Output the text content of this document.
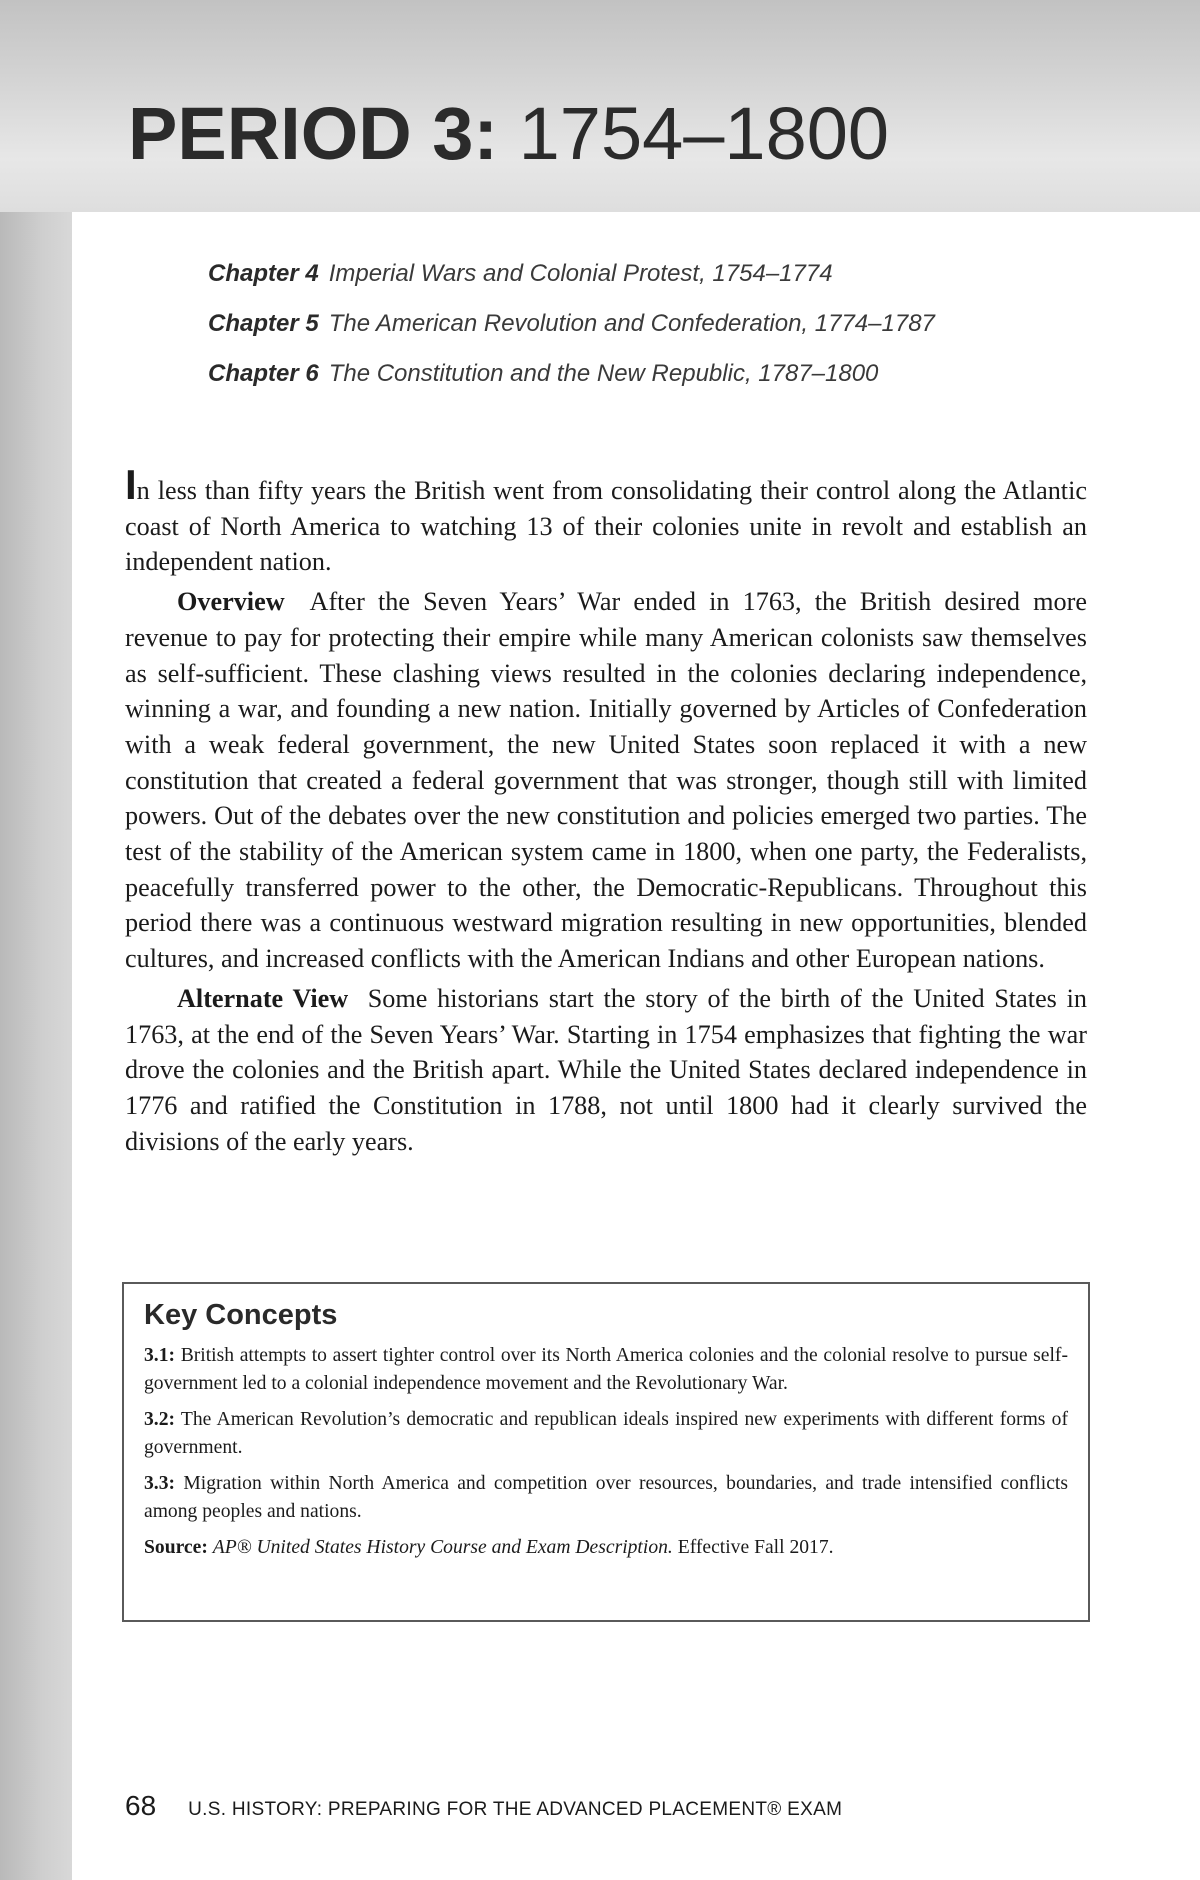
PERIOD 3: 1754–1800
Chapter 4 Imperial Wars and Colonial Protest, 1754–1774
Chapter 5 The American Revolution and Confederation, 1774–1787
Chapter 6 The Constitution and the New Republic, 1787–1800

In less than fifty years the British went from consolidating their control along the Atlantic coast of North America to watching 13 of their colonies unite in revolt and establish an independent nation.

Overview After the Seven Years’ War ended in 1763, the British desired more revenue to pay for protecting their empire while many American colonists saw themselves as self-sufficient. These clashing views resulted in the colonies declaring independence, winning a war, and founding a new nation. Initially governed by Articles of Confederation with a weak federal government, the new United States soon replaced it with a new constitution that created a federal government that was stronger, though still with limited powers. Out of the debates over the new constitution and policies emerged two parties. The test of the stability of the American system came in 1800, when one party, the Federalists, peacefully transferred power to the other, the Democratic-Republicans. Throughout this period there was a continuous westward migration resulting in new opportunities, blended cultures, and increased conflicts with the American Indians and other European nations.

Alternate View Some historians start the story of the birth of the United States in 1763, at the end of the Seven Years’ War. Starting in 1754 emphasizes that fighting the war drove the colonies and the British apart. While the United States declared independence in 1776 and ratified the Constitution in 1788, not until 1800 had it clearly survived the divisions of the early years.

Key Concepts

3.1: British attempts to assert tighter control over its North America colonies and the colonial resolve to pursue self-government led to a colonial independence movement and the Revolutionary War.

3.2: The American Revolution’s democratic and republican ideals inspired new experiments with different forms of government.

3.3: Migration within North America and competition over resources, boundaries, and trade intensified conflicts among peoples and nations.

Source: AP® United States History Course and Exam Description. Effective Fall 2017.

68 U.S. HISTORY: PREPARING FOR THE ADVANCED PLACEMENT® EXAM
